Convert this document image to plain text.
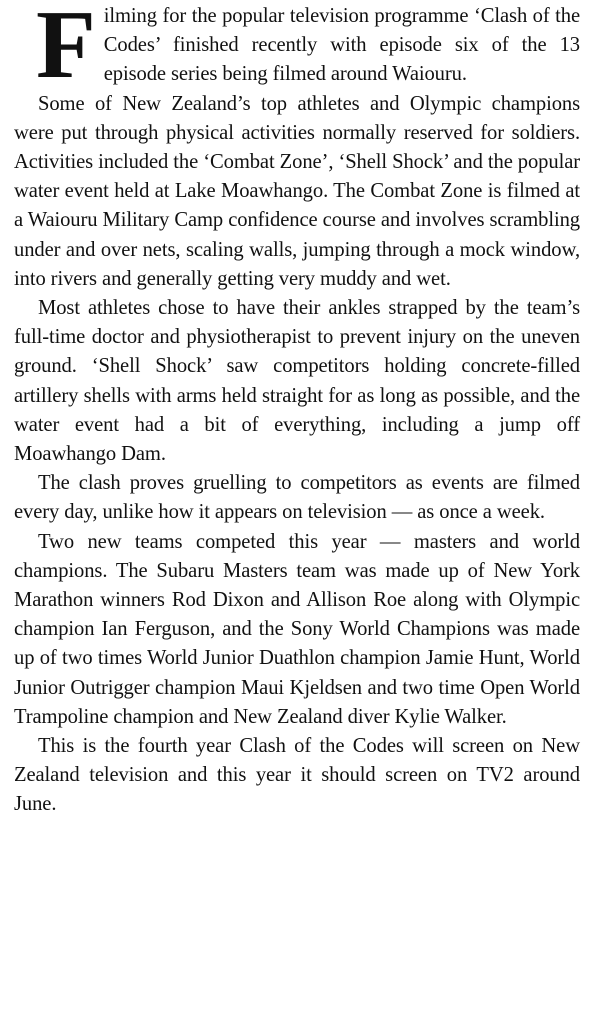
Filming for the popular television programme ‘Clash of the Codes’ finished recently with episode six of the 13 episode series being filmed around Waiouru.

Some of New Zealand’s top athletes and Olympic champions were put through physical activities normally reserved for soldiers. Activities included the ‘Combat Zone’, ‘Shell Shock’ and the popular water event held at Lake Moawhango. The Combat Zone is filmed at a Waiouru Military Camp confidence course and involves scrambling under and over nets, scaling walls, jumping through a mock window, into rivers and generally getting very muddy and wet.

Most athletes chose to have their ankles strapped by the team’s full-time doctor and physiotherapist to prevent injury on the uneven ground. ‘Shell Shock’ saw competitors holding concrete-filled artillery shells with arms held straight for as long as possible, and the water event had a bit of everything, including a jump off Moawhango Dam.

The clash proves gruelling to competitors as events are filmed every day, unlike how it appears on television — as once a week.

Two new teams competed this year — masters and world champions. The Subaru Masters team was made up of New York Marathon winners Rod Dixon and Allison Roe along with Olympic champion Ian Ferguson, and the Sony World Champions was made up of two times World Junior Duathlon champion Jamie Hunt, World Junior Outrigger champion Maui Kjeldsen and two time Open World Trampoline champion and New Zealand diver Kylie Walker.

This is the fourth year Clash of the Codes will screen on New Zealand television and this year it should screen on TV2 around June.
